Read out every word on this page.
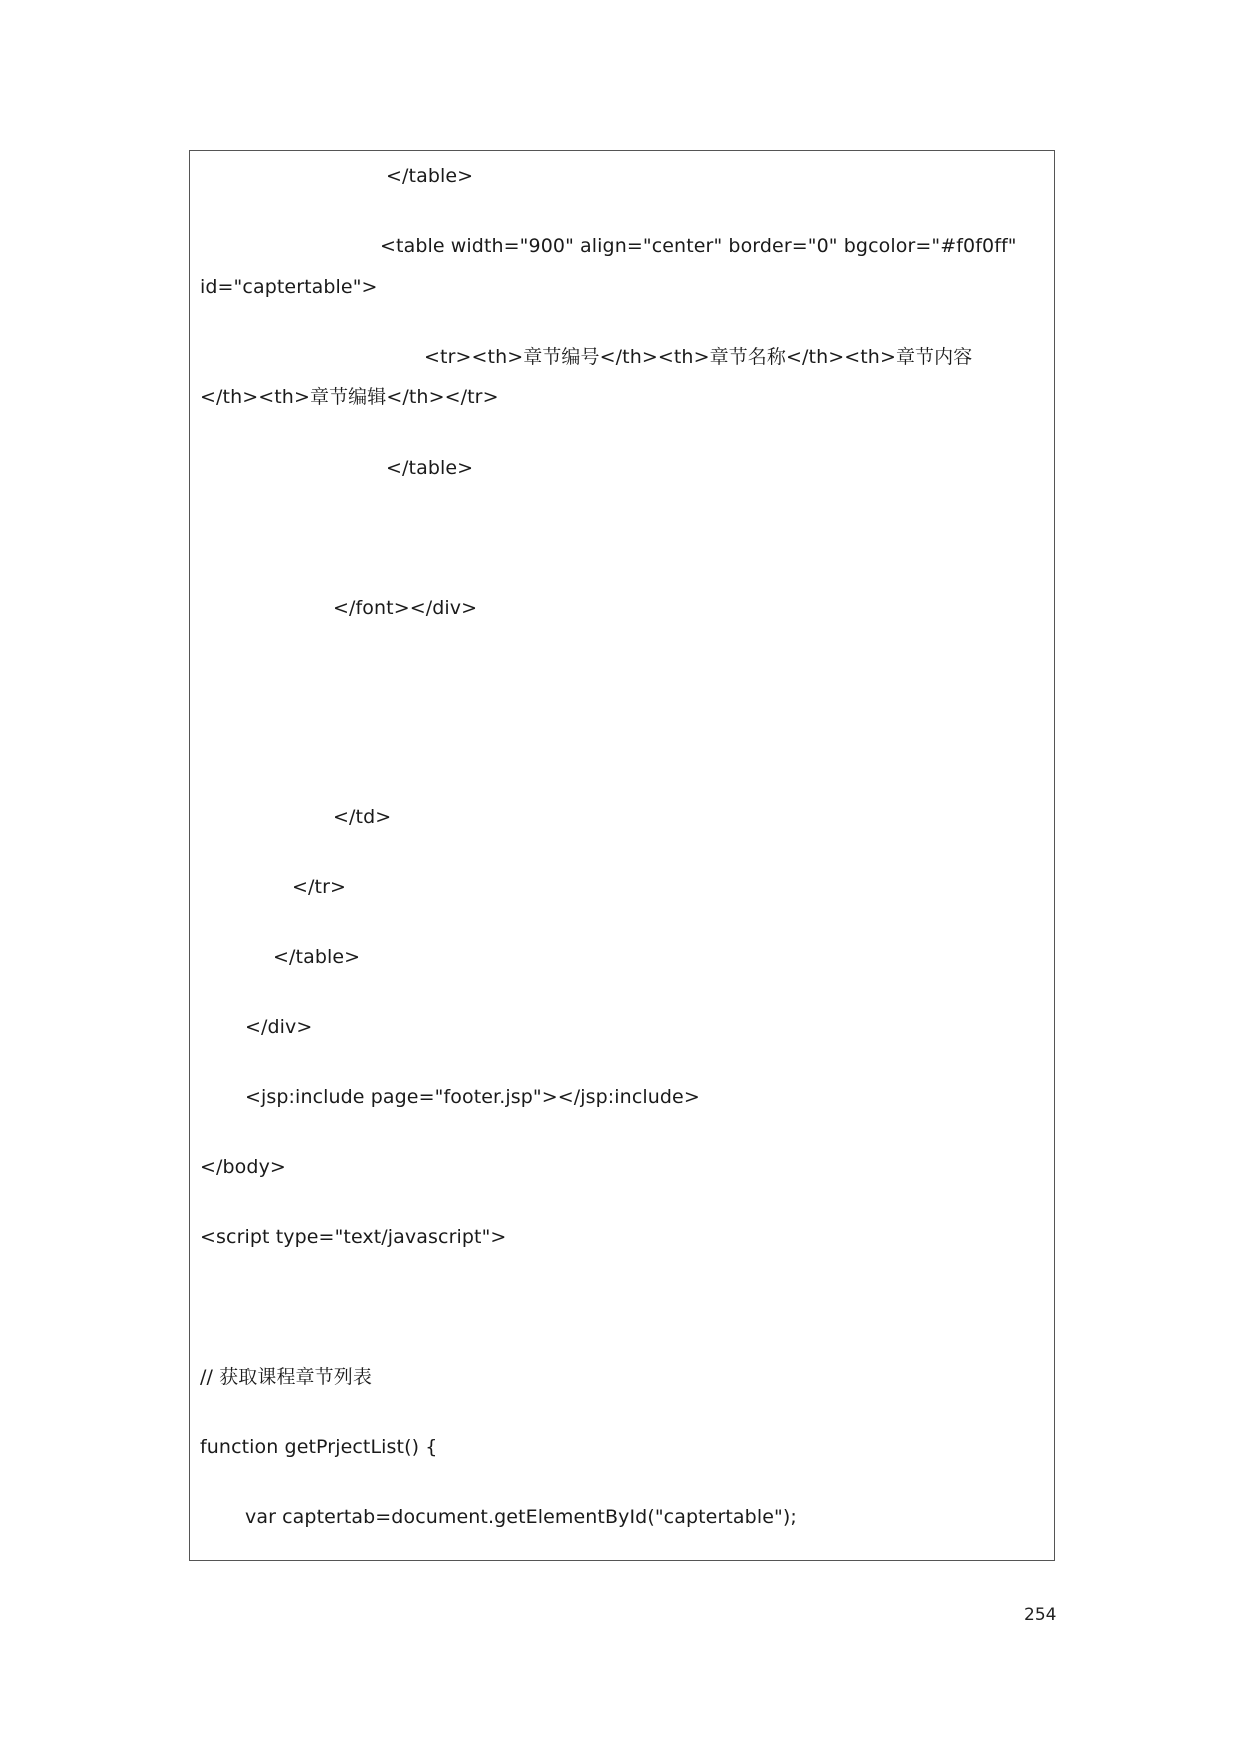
</table>
<table width="900" align="center" border="0" bgcolor="#f0f0ff"
id="captertable">
<tr><th>章节编号</th><th>章节名称</th><th>章节内容
</th><th>章节编辑</th></tr>
</table>
</font></div>
</td>
</tr>
</table>
</div>
<jsp:include page="footer.jsp"></jsp:include>
</body>
<script type="text/javascript">
// 获取课程章节列表
function getPrjectList() {
var captertab=document.getElementById("captertable");
254
